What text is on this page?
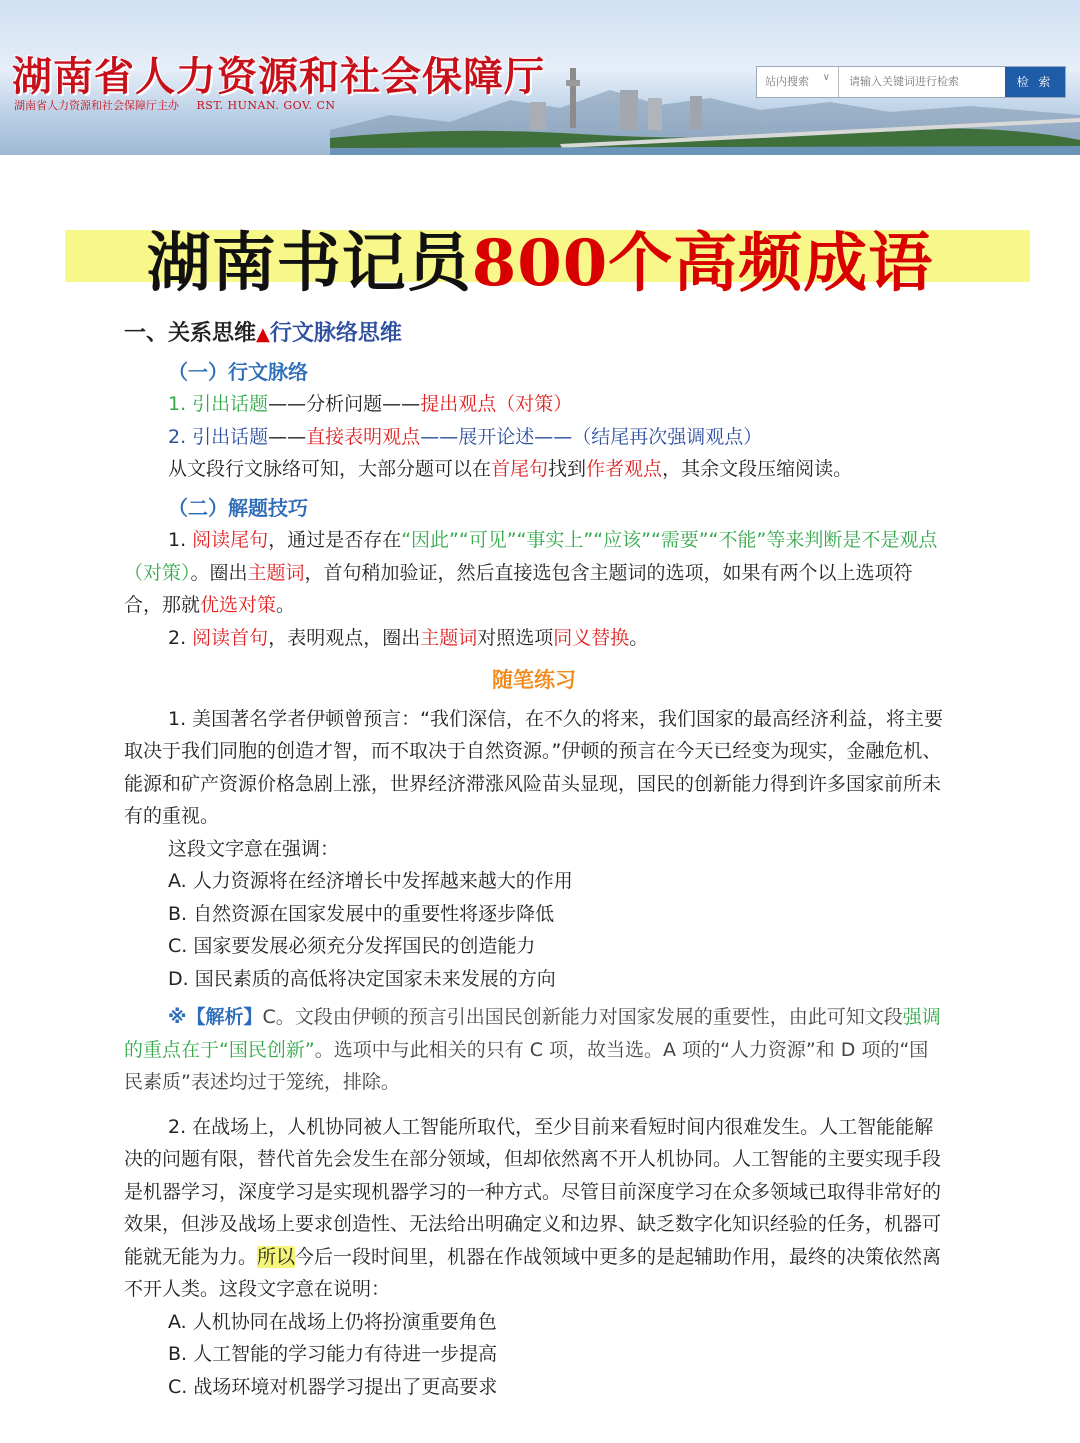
湖南省人力资源和社会保障厅
湖南省人力资源和社会保障厅主办 RST. HUNAN. GOV. CN
站内搜索 ∨	请输入关键词进行检索	检 索
湖南书记员800个高频成语
一、关系思维▲行文脉络思维

（一）行文脉络

1. 引出话题——分析问题——提出观点（对策）

2. 引出话题——直接表明观点——展开论述——（结尾再次强调观点）

从文段行文脉络可知，大部分题可以在首尾句找到作者观点，其余文段压缩阅读。

（二）解题技巧

1. 阅读尾句，通过是否存在“因此”“可见”“事实上”“应该”“需要”“不能”等来判断是不是观点（对策）。圈出主题词，首句稍加验证，然后直接选包含主题词的选项，如果有两个以上选项符合，那就优选对策。

2. 阅读首句，表明观点，圈出主题词对照选项同义替换。

随笔练习

1. 美国著名学者伊顿曾预言：“我们深信，在不久的将来，我们国家的最高经济利益，将主要取决于我们同胞的创造才智，而不取决于自然资源。”伊顿的预言在今天已经变为现实，金融危机、能源和矿产资源价格急剧上涨，世界经济滞涨风险苗头显现，国民的创新能力得到许多国家前所未有的重视。

这段文字意在强调：

A. 人力资源将在经济增长中发挥越来越大的作用

B. 自然资源在国家发展中的重要性将逐步降低

C. 国家要发展必须充分发挥国民的创造能力

D. 国民素质的高低将决定国家未来发展的方向

※【解析】C。文段由伊顿的预言引出国民创新能力对国家发展的重要性，由此可知文段强调的重点在于“国民创新”。选项中与此相关的只有 C 项，故当选。A 项的“人力资源”和 D 项的“国民素质”表述均过于笼统，排除。

2. 在战场上，人机协同被人工智能所取代，至少目前来看短时间内很难发生。人工智能能解决的问题有限，替代首先会发生在部分领域，但却依然离不开人机协同。人工智能的主要实现手段是机器学习，深度学习是实现机器学习的一种方式。尽管目前深度学习在众多领域已取得非常好的效果，但涉及战场上要求创造性、无法给出明确定义和边界、缺乏数字化知识经验的任务，机器可能就无能为力。所以今后一段时间里，机器在作战领域中更多的是起辅助作用，最终的决策依然离不开人类。这段文字意在说明：

A. 人机协同在战场上仍将扮演重要角色

B. 人工智能的学习能力有待进一步提高

C. 战场环境对机器学习提出了更高要求
